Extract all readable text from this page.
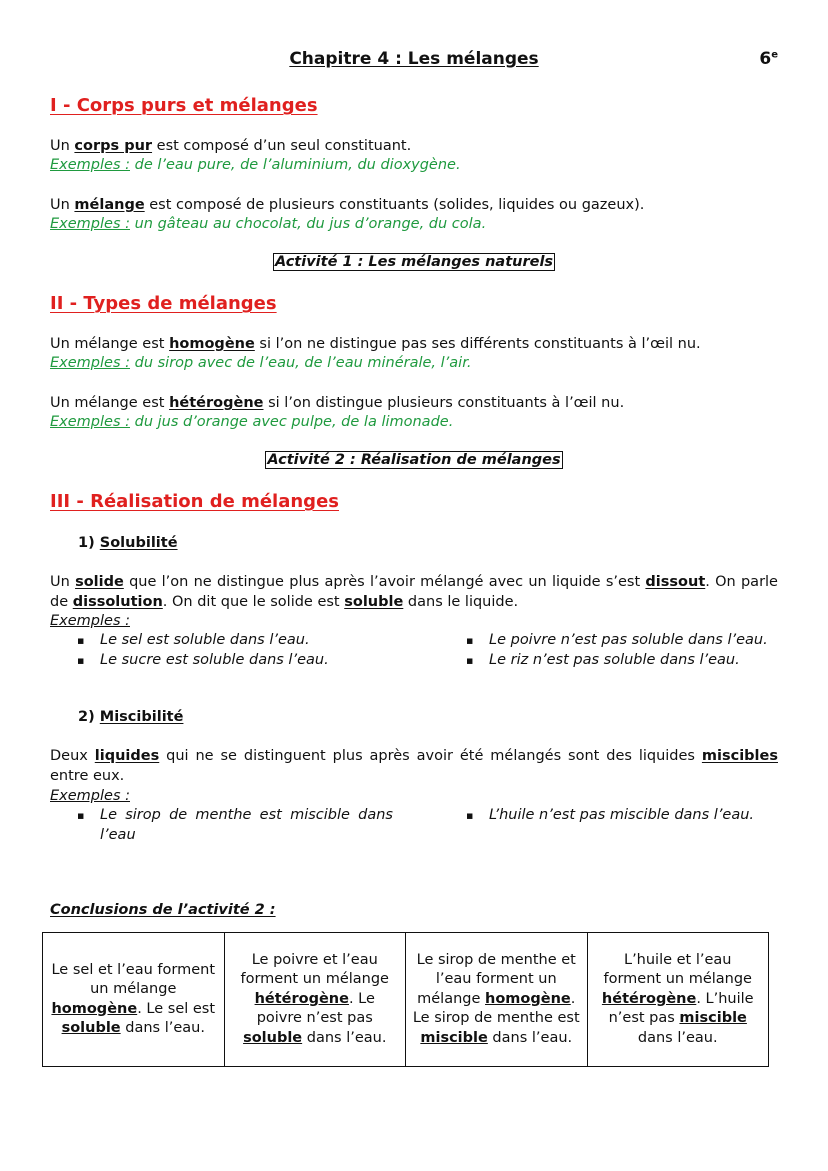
Chapitre 4 : Les mélanges	6e
I - Corps purs et mélanges
Un corps pur est composé d’un seul constituant.
Exemples : de l’eau pure, de l’aluminium, du dioxygène.
Un mélange est composé de plusieurs constituants (solides, liquides ou gazeux).
Exemples : un gâteau au chocolat, du jus d’orange, du cola.
Activité 1 : Les mélanges naturels
II - Types de mélanges
Un mélange est homogène si l’on ne distingue pas ses différents constituants à l’œil nu.
Exemples : du sirop avec de l’eau, de l’eau minérale, l’air.
Un mélange est hétérogène si l’on distingue plusieurs constituants à l’œil nu.
Exemples : du jus d’orange avec pulpe, de la limonade.
Activité 2 : Réalisation de mélanges
III - Réalisation de mélanges
1) Solubilité
Un solide que l’on ne distingue plus après l’avoir mélangé avec un liquide s’est dissout. On parle de dissolution. On dit que le solide est soluble dans le liquide.
Exemples :
▪ Le sel est soluble dans l’eau.
▪ Le sucre est soluble dans l’eau.
▪ Le poivre n’est pas soluble dans l’eau.
▪ Le riz n’est pas soluble dans l’eau.
2) Miscibilité
Deux liquides qui ne se distinguent plus après avoir été mélangés sont des liquides miscibles entre eux.
Exemples :
▪ Le sirop de menthe est miscible dans l’eau
▪ L’huile n’est pas miscible dans l’eau.
Conclusions de l’activité 2 :
Le sel et l’eau forment un mélange homogène. Le sel est soluble dans l’eau.	Le poivre et l’eau forment un mélange hétérogène. Le poivre n’est pas soluble dans l’eau.	Le sirop de menthe et l’eau forment un mélange homogène. Le sirop de menthe est miscible dans l’eau.	L’huile et l’eau forment un mélange hétérogène. L’huile n’est pas miscible dans l’eau.
